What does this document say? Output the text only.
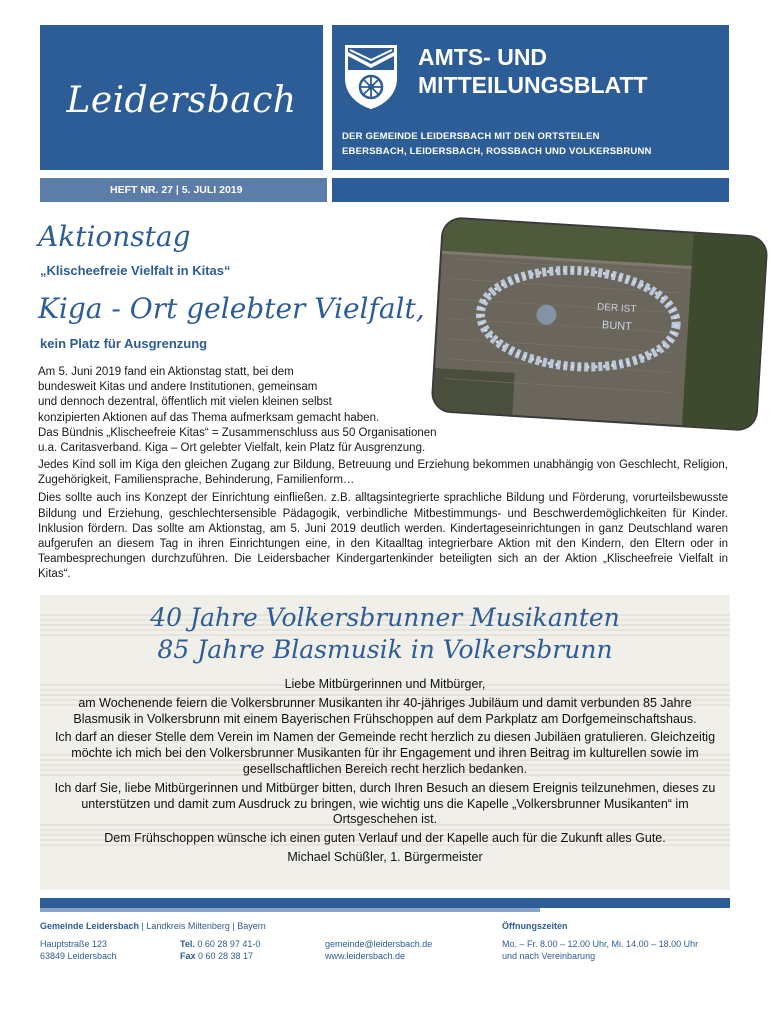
Leidersbach
AMTS- UND
MITTEILUNGSBLATT
DER GEMEINDE LEIDERSBACH MIT DEN ORTSTEILEN
EBERSBACH, LEIDERSBACH, ROSSBACH UND VOLKERSBRUNN
HEFT NR. 27 | 5. JULI 2019
Aktionstag
„Klischeefreie Vielfalt in Kitas“
Kiga - Ort gelebter Vielfalt,
kein Platz für Ausgrenzung
DER IST
BUNT
Am 5. Juni 2019 fand ein Aktionstag statt, bei dem
bundesweit Kitas und andere Institutionen, gemeinsam
und dennoch dezentral, öffentlich mit vielen kleinen selbst
konzipierten Aktionen auf das Thema aufmerksam gemacht haben.
Das Bündnis „Klischeefreie Kitas“ = Zusammenschluss aus 50 Organisationen
u.a. Caritasverband. Kiga – Ort gelebter Vielfalt, kein Platz für Ausgrenzung.

Jedes Kind soll im Kiga den gleichen Zugang zur Bildung, Betreuung und Erziehung bekommen unabhängig von Geschlecht, Religion, Zugehörigkeit, Familiensprache, Behinderung, Familienform…

Dies sollte auch ins Konzept der Einrichtung einfließen. z.B. alltagsintegrierte sprachliche Bildung und Förderung, vorurteilsbewusste Bildung und Erziehung, geschlechtersensible Pädagogik, verbindliche Mitbestimmungs- und Beschwerdemöglichkeiten für Kinder. Inklusion fördern. Das sollte am Aktionstag, am 5. Juni 2019 deutlich werden. Kindertageseinrichtungen in ganz Deutschland waren aufgerufen an diesem Tag in ihren Einrichtungen eine, in den Kitaalltag integrierbare Aktion mit den Kindern, den Eltern oder in Teambesprechungen durchzuführen. Die Leidersbacher Kindergartenkinder beteiligten sich an der Aktion „Klischeefreie Vielfalt in Kitas“.

40 Jahre Volkersbrunner Musikanten
85 Jahre Blasmusik in Volkersbrunn

Liebe Mitbürgerinnen und Mitbürger,

am Wochenende feiern die Volkersbrunner Musikanten ihr 40-jähriges Jubiläum und damit verbunden 85 Jahre Blasmusik in Volkersbrunn mit einem Bayerischen Frühschoppen auf dem Parkplatz am Dorfgemeinschaftshaus.

Ich darf an dieser Stelle dem Verein im Namen der Gemeinde recht herzlich zu diesen Jubiläen gratulieren. Gleichzeitig möchte ich mich bei den Volkersbrunner Musikanten für ihr Engagement und ihren Beitrag im kulturellen sowie im gesellschaftlichen Bereich recht herzlich bedanken.

Ich darf Sie, liebe Mitbürgerinnen und Mitbürger bitten, durch Ihren Besuch an diesem Ereignis teilzunehmen, dieses zu unterstützen und damit zum Ausdruck zu bringen, wie wichtig uns die Kapelle „Volkersbrunner Musikanten“ im Ortsgeschehen ist.

Dem Frühschoppen wünsche ich einen guten Verlauf und der Kapelle auch für die Zukunft alles Gute.

Michael Schüßler, 1. Bürgermeister

Gemeinde Leidersbach | Landkreis Miltenberg | Bayern
Hauptstraße 123
63849 Leidersbach
Tel. 0 60 28 97 41-0
Fax 0 60 28 38 17
gemeinde@leidersbach.de
www.leidersbach.de
Öffnungszeiten
Mo. – Fr. 8.00 – 12.00 Uhr, Mi. 14.00 – 18.00 Uhr
und nach Vereinbarung
